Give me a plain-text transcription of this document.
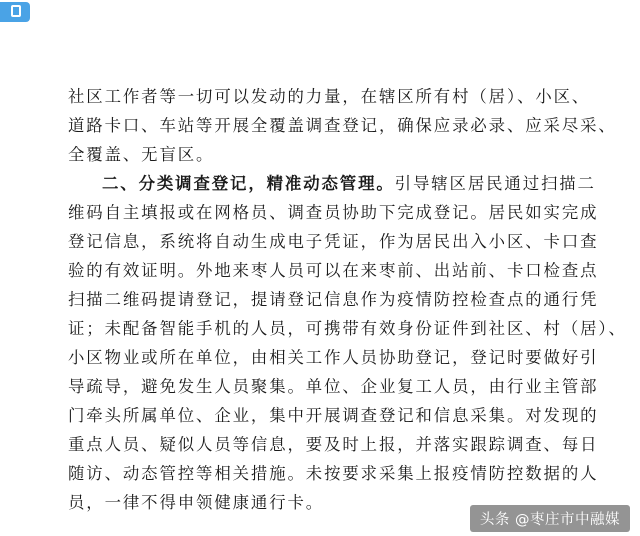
社区工作者等一切可以发动的力量，在辖区所有村（居）、小区、
道路卡口、车站等开展全覆盖调查登记，确保应录必录、应采尽采、
全覆盖、无盲区。
二、分类调查登记，精准动态管理。引导辖区居民通过扫描二
维码自主填报或在网格员、调查员协助下完成登记。居民如实完成
登记信息，系统将自动生成电子凭证，作为居民出入小区、卡口查
验的有效证明。外地来枣人员可以在来枣前、出站前、卡口检查点
扫描二维码提请登记，提请登记信息作为疫情防控检查点的通行凭
证；未配备智能手机的人员，可携带有效身份证件到社区、村（居）、
小区物业或所在单位，由相关工作人员协助登记，登记时要做好引
导疏导，避免发生人员聚集。单位、企业复工人员，由行业主管部
门牵头所属单位、企业，集中开展调查登记和信息采集。对发现的
重点人员、疑似人员等信息，要及时上报，并落实跟踪调查、每日
随访、动态管控等相关措施。未按要求采集上报疫情防控数据的人
员，一律不得申领健康通行卡。
头条 @枣庄市中融媒
